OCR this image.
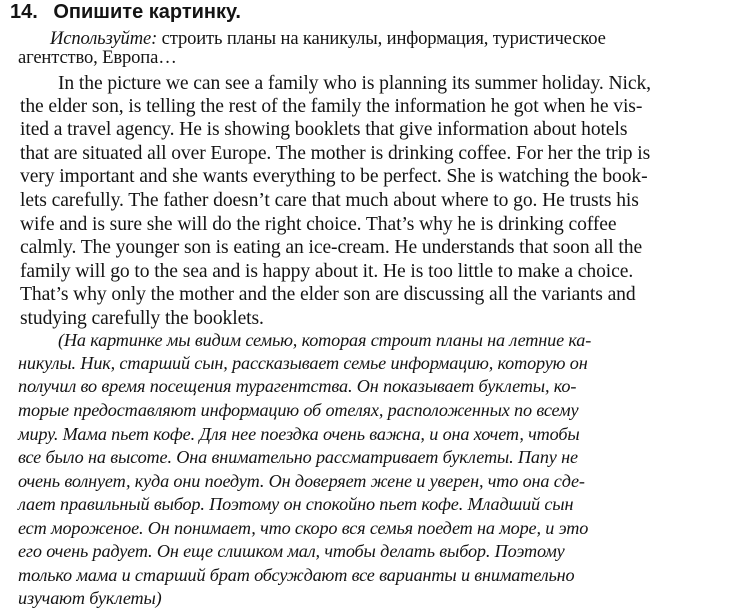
14. Опишите картинку.
Используйте: строить планы на каникулы, информация, туристическое
агентство, Европа…
In the picture we can see a family who is planning its summer holiday. Nick,
the elder son, is telling the rest of the family the information he got when he vis-
ited a travel agency. He is showing booklets that give information about hotels
that are situated all over Europe. The mother is drinking coffee. For her the trip is
very important and she wants everything to be perfect. She is watching the book-
lets carefully. The father doesn’t care that much about where to go. He trusts his
wife and is sure she will do the right choice. That’s why he is drinking coffee
calmly. The younger son is eating an ice-cream. He understands that soon all the
family will go to the sea and is happy about it. He is too little to make a choice.
That’s why only the mother and the elder son are discussing all the variants and
studying carefully the booklets.
(На картинке мы видим семью, которая строит планы на летние ка-
никулы. Ник, старший сын, рассказывает семье информацию, которую он
получил во время посещения турагентства. Он показывает буклеты, ко-
торые предоставляют информацию об отелях, расположенных по всему
миру. Мама пьет кофе. Для нее поездка очень важна, и она хочет, чтобы
все было на высоте. Она внимательно рассматривает буклеты. Папу не
очень волнует, куда они поедут. Он доверяет жене и уверен, что она сде-
лает правильный выбор. Поэтому он спокойно пьет кофе. Младший сын
ест мороженое. Он понимает, что скоро вся семья поедет на море, и это
его очень радует. Он еще слишком мал, чтобы делать выбор. Поэтому
только мама и старший брат обсуждают все варианты и внимательно
изучают буклеты)
